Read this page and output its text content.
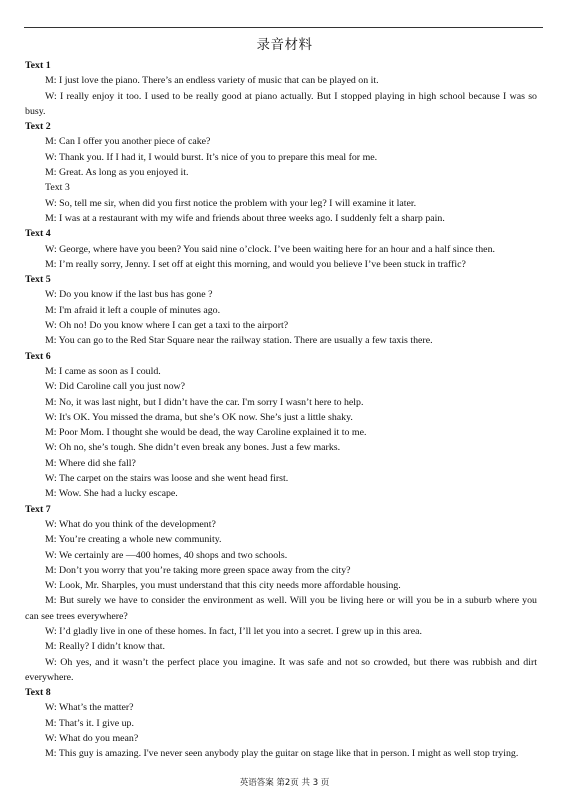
录音材料
Text 1
M: I just love the piano. There’s an endless variety of music that can be played on it.
W: I really enjoy it too. I used to be really good at piano actually. But I stopped playing in high school because I was so busy.
Text 2
M: Can I offer you another piece of cake?
W: Thank you. If I had it, I would burst. It’s nice of you to prepare this meal for me.
M: Great. As long as you enjoyed it.
Text 3
W: So, tell me sir, when did you first notice the problem with your leg? I will examine it later.
M: I was at a restaurant with my wife and friends about three weeks ago. I suddenly felt a sharp pain.
Text 4
W: George, where have you been? You said nine o’clock. I’ve been waiting here for an hour and a half since then.
M: I’m really sorry, Jenny. I set off at eight this morning, and would you believe I’ve been stuck in traffic?
Text 5
W: Do you know if the last bus has gone ?
M: I'm afraid it left a couple of minutes ago.
W: Oh no! Do you know where I can get a taxi to the airport?
M: You can go to the Red Star Square near the railway station. There are usually a few taxis there.
Text 6
M: I came as soon as I could.
W: Did Caroline call you just now?
M: No, it was last night, but I didn’t have the car. I'm sorry I wasn’t here to help.
W: It's OK. You missed the drama, but she’s OK now. She’s just a little shaky.
M: Poor Mom. I thought she would be dead, the way Caroline explained it to me.
W: Oh no, she’s tough. She didn’t even break any bones. Just a few marks.
M: Where did she fall?
W: The carpet on the stairs was loose and she went head first.
M: Wow. She had a lucky escape.
Text 7
W: What do you think of the development?
M: You’re creating a whole new community.
W: We certainly are —400 homes, 40 shops and two schools.
M: Don’t you worry that you’re taking more green space away from the city?
W: Look, Mr. Sharples, you must understand that this city needs more affordable housing.
M: But surely we have to consider the environment as well. Will you be living here or will you be in a suburb where you can see trees everywhere?
W: I’d gladly live in one of these homes. In fact, I’ll let you into a secret. I grew up in this area.
M: Really? I didn’t know that.
W: Oh yes, and it wasn’t the perfect place you imagine. It was safe and not so crowded, but there was rubbish and dirt everywhere.
Text 8
W: What’s the matter?
M: That’s it. I give up.
W: What do you mean?
M: This guy is amazing. I've never seen anybody play the guitar on stage like that in person. I might as well stop trying.
英语答案 第2页 共 3 页
